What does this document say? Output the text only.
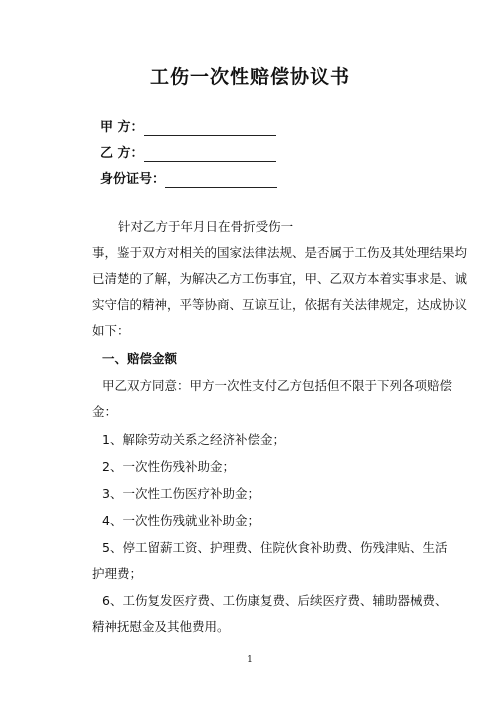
工伤一次性赔偿协议书
甲 方：
乙 方：
身份证号：
针对乙方于年月日在骨折受伤一
事，鉴于双方对相关的国家法律法规、是否属于工伤及其处理结果均
已清楚的了解，为解决乙方工伤事宜，甲、乙双方本着实事求是、诚
实守信的精神，平等协商、互谅互让，依据有关法律规定，达成协议
如下：
一、赔偿金额
甲乙双方同意：甲方一次性支付乙方包括但不限于下列各项赔偿
金：
1、解除劳动关系之经济补偿金；
2、一次性伤残补助金；
3、一次性工伤医疗补助金；
4、一次性伤残就业补助金；
5、停工留薪工资、护理费、住院伙食补助费、伤残津贴、生活
护理费；
6、工伤复发医疗费、工伤康复费、后续医疗费、辅助器械费、
精神抚慰金及其他费用。
1
